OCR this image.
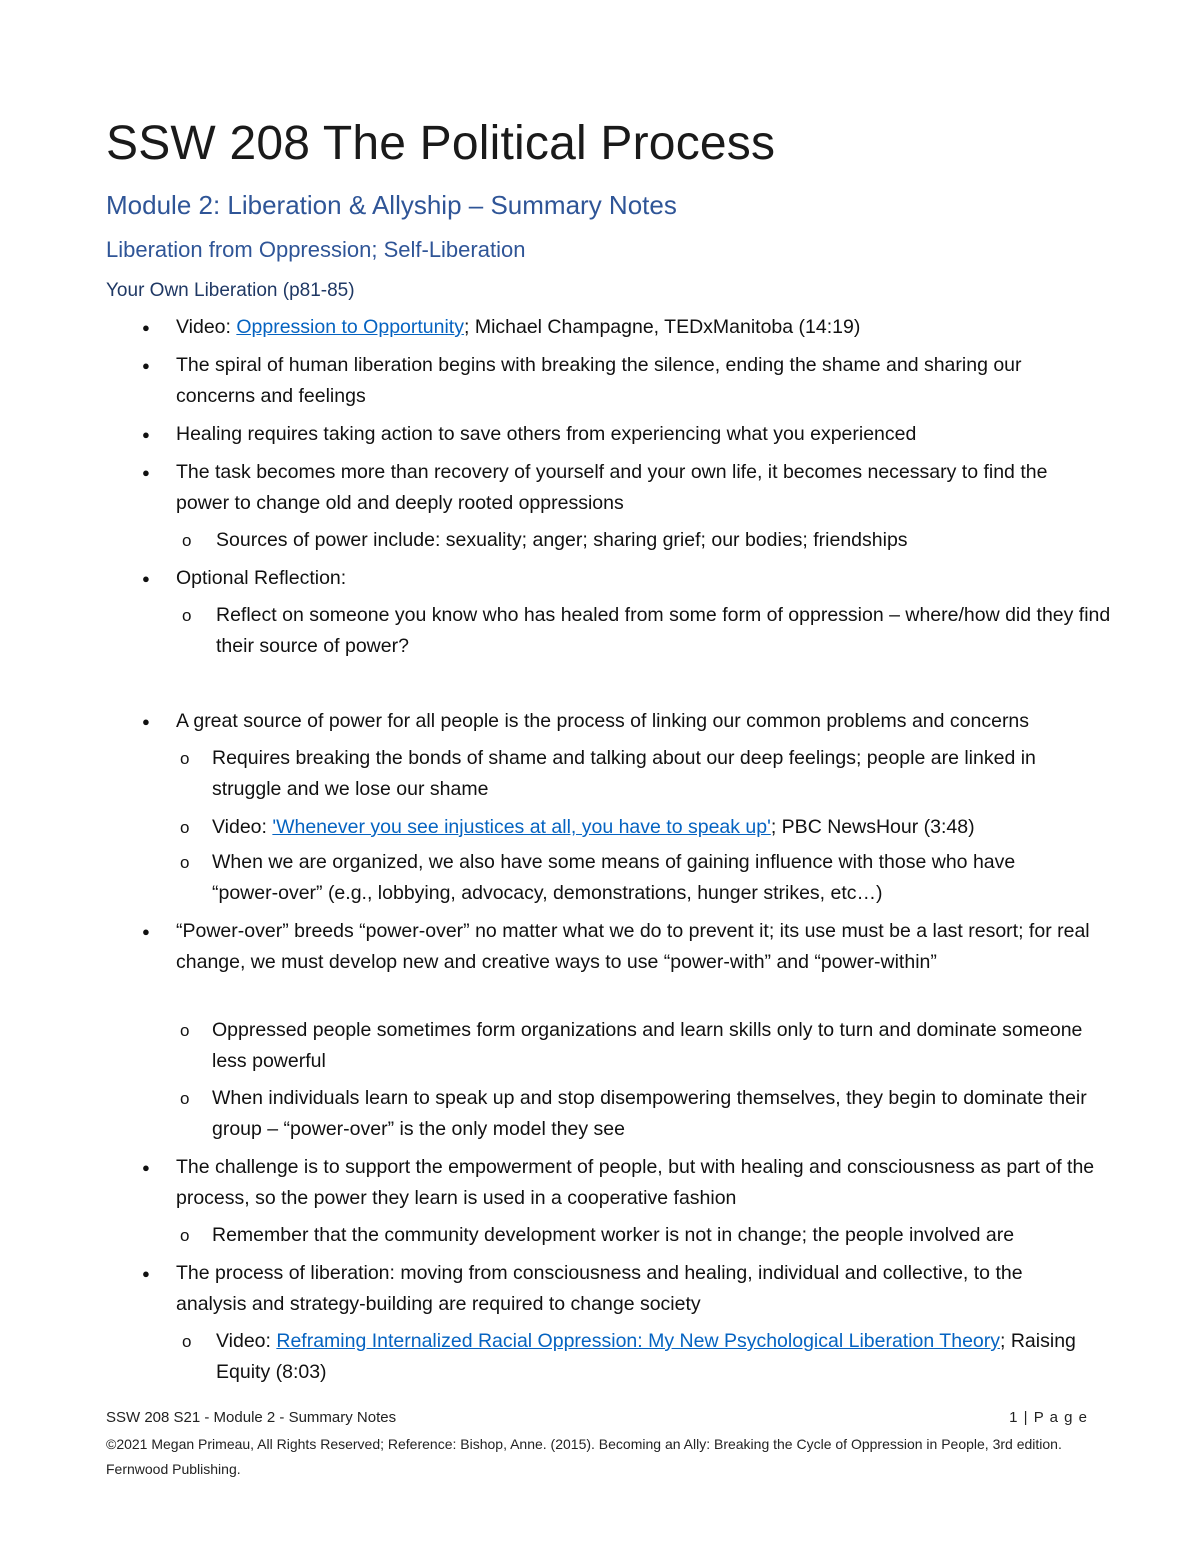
SSW 208 The Political Process
Module 2: Liberation & Allyship – Summary Notes
Liberation from Oppression; Self-Liberation
Your Own Liberation (p81-85)
● Video: Oppression to Opportunity; Michael Champagne, TEDxManitoba (14:19)
● The spiral of human liberation begins with breaking the silence, ending the shame and sharing our concerns and feelings
● Healing requires taking action to save others from experiencing what you experienced
● The task becomes more than recovery of yourself and your own life, it becomes necessary to find the power to change old and deeply rooted oppressions
o Sources of power include: sexuality; anger; sharing grief; our bodies; friendships
● Optional Reflection:
o Reflect on someone you know who has healed from some form of oppression – where/how did they find their source of power?
● A great source of power for all people is the process of linking our common problems and concerns
o Requires breaking the bonds of shame and talking about our deep feelings; people are linked in struggle and we lose our shame
o Video: 'Whenever you see injustices at all, you have to speak up'; PBC NewsHour (3:48)
o When we are organized, we also have some means of gaining influence with those who have “power-over” (e.g., lobbying, advocacy, demonstrations, hunger strikes, etc…)
● “Power-over” breeds “power-over” no matter what we do to prevent it; its use must be a last resort; for real change, we must develop new and creative ways to use “power-with” and “power-within”
o Oppressed people sometimes form organizations and learn skills only to turn and dominate someone less powerful
o When individuals learn to speak up and stop disempowering themselves, they begin to dominate their group – “power-over” is the only model they see
● The challenge is to support the empowerment of people, but with healing and consciousness as part of the process, so the power they learn is used in a cooperative fashion
o Remember that the community development worker is not in change; the people involved are
● The process of liberation: moving from consciousness and healing, individual and collective, to the analysis and strategy-building are required to change society
o Video: Reframing Internalized Racial Oppression: My New Psychological Liberation Theory; Raising Equity (8:03)
SSW 208 S21 - Module 2 - Summary Notes	1 | P a g e
©2021 Megan Primeau, All Rights Reserved; Reference: Bishop, Anne. (2015). Becoming an Ally: Breaking the Cycle of Oppression in People, 3rd edition. Fernwood Publishing.
